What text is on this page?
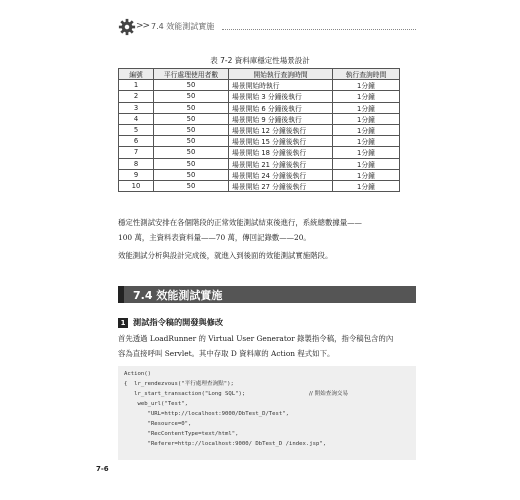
>> 7.4 效能測試實施
表 7-2 資料庫穩定性場景設計
編號	平行處理使用者數	開始執行查詢時間	執行查詢時間
1	50	場景開始時執行	1分鐘
2	50	場景開始 3 分鐘後執行	1分鐘
3	50	場景開始 6 分鐘後執行	1分鐘
4	50	場景開始 9 分鐘後執行	1分鐘
5	50	場景開始 12 分鐘後執行	1分鐘
6	50	場景開始 15 分鐘後執行	1分鐘
7	50	場景開始 18 分鐘後執行	1分鐘
8	50	場景開始 21 分鐘後執行	1分鐘
9	50	場景開始 24 分鐘後執行	1分鐘
10	50	場景開始 27 分鐘後執行	1分鐘
穩定性測試安排在各個階段的正常效能測試結束後進行，系統總數據量——
100 萬，主資料表資料量——70 萬，傳回記錄數——20。
效能測試分析與設計完成後，就進入到後面的效能測試實施階段。
7.4 效能測試實施
1 測試指令稿的開發與修改
首先透過 LoadRunner 的 Virtual User Generator 錄製指令稿，指令稿包含的內
容為直接呼叫 Servlet。其中存取 D 資料庫的 Action 程式如下。
Action()
{  lr_rendezvous("平行處理查詢點");
lr_start_transaction("Long SQL");	// 開始查詢交易
web_url("Test",
"URL=http://localhost:9000/DbTest_D/Test",
"Resource=0",
"RecContentType=text/html",
"Referer=http://localhost:9000/ DbTest_D /index.jsp",
7-6
